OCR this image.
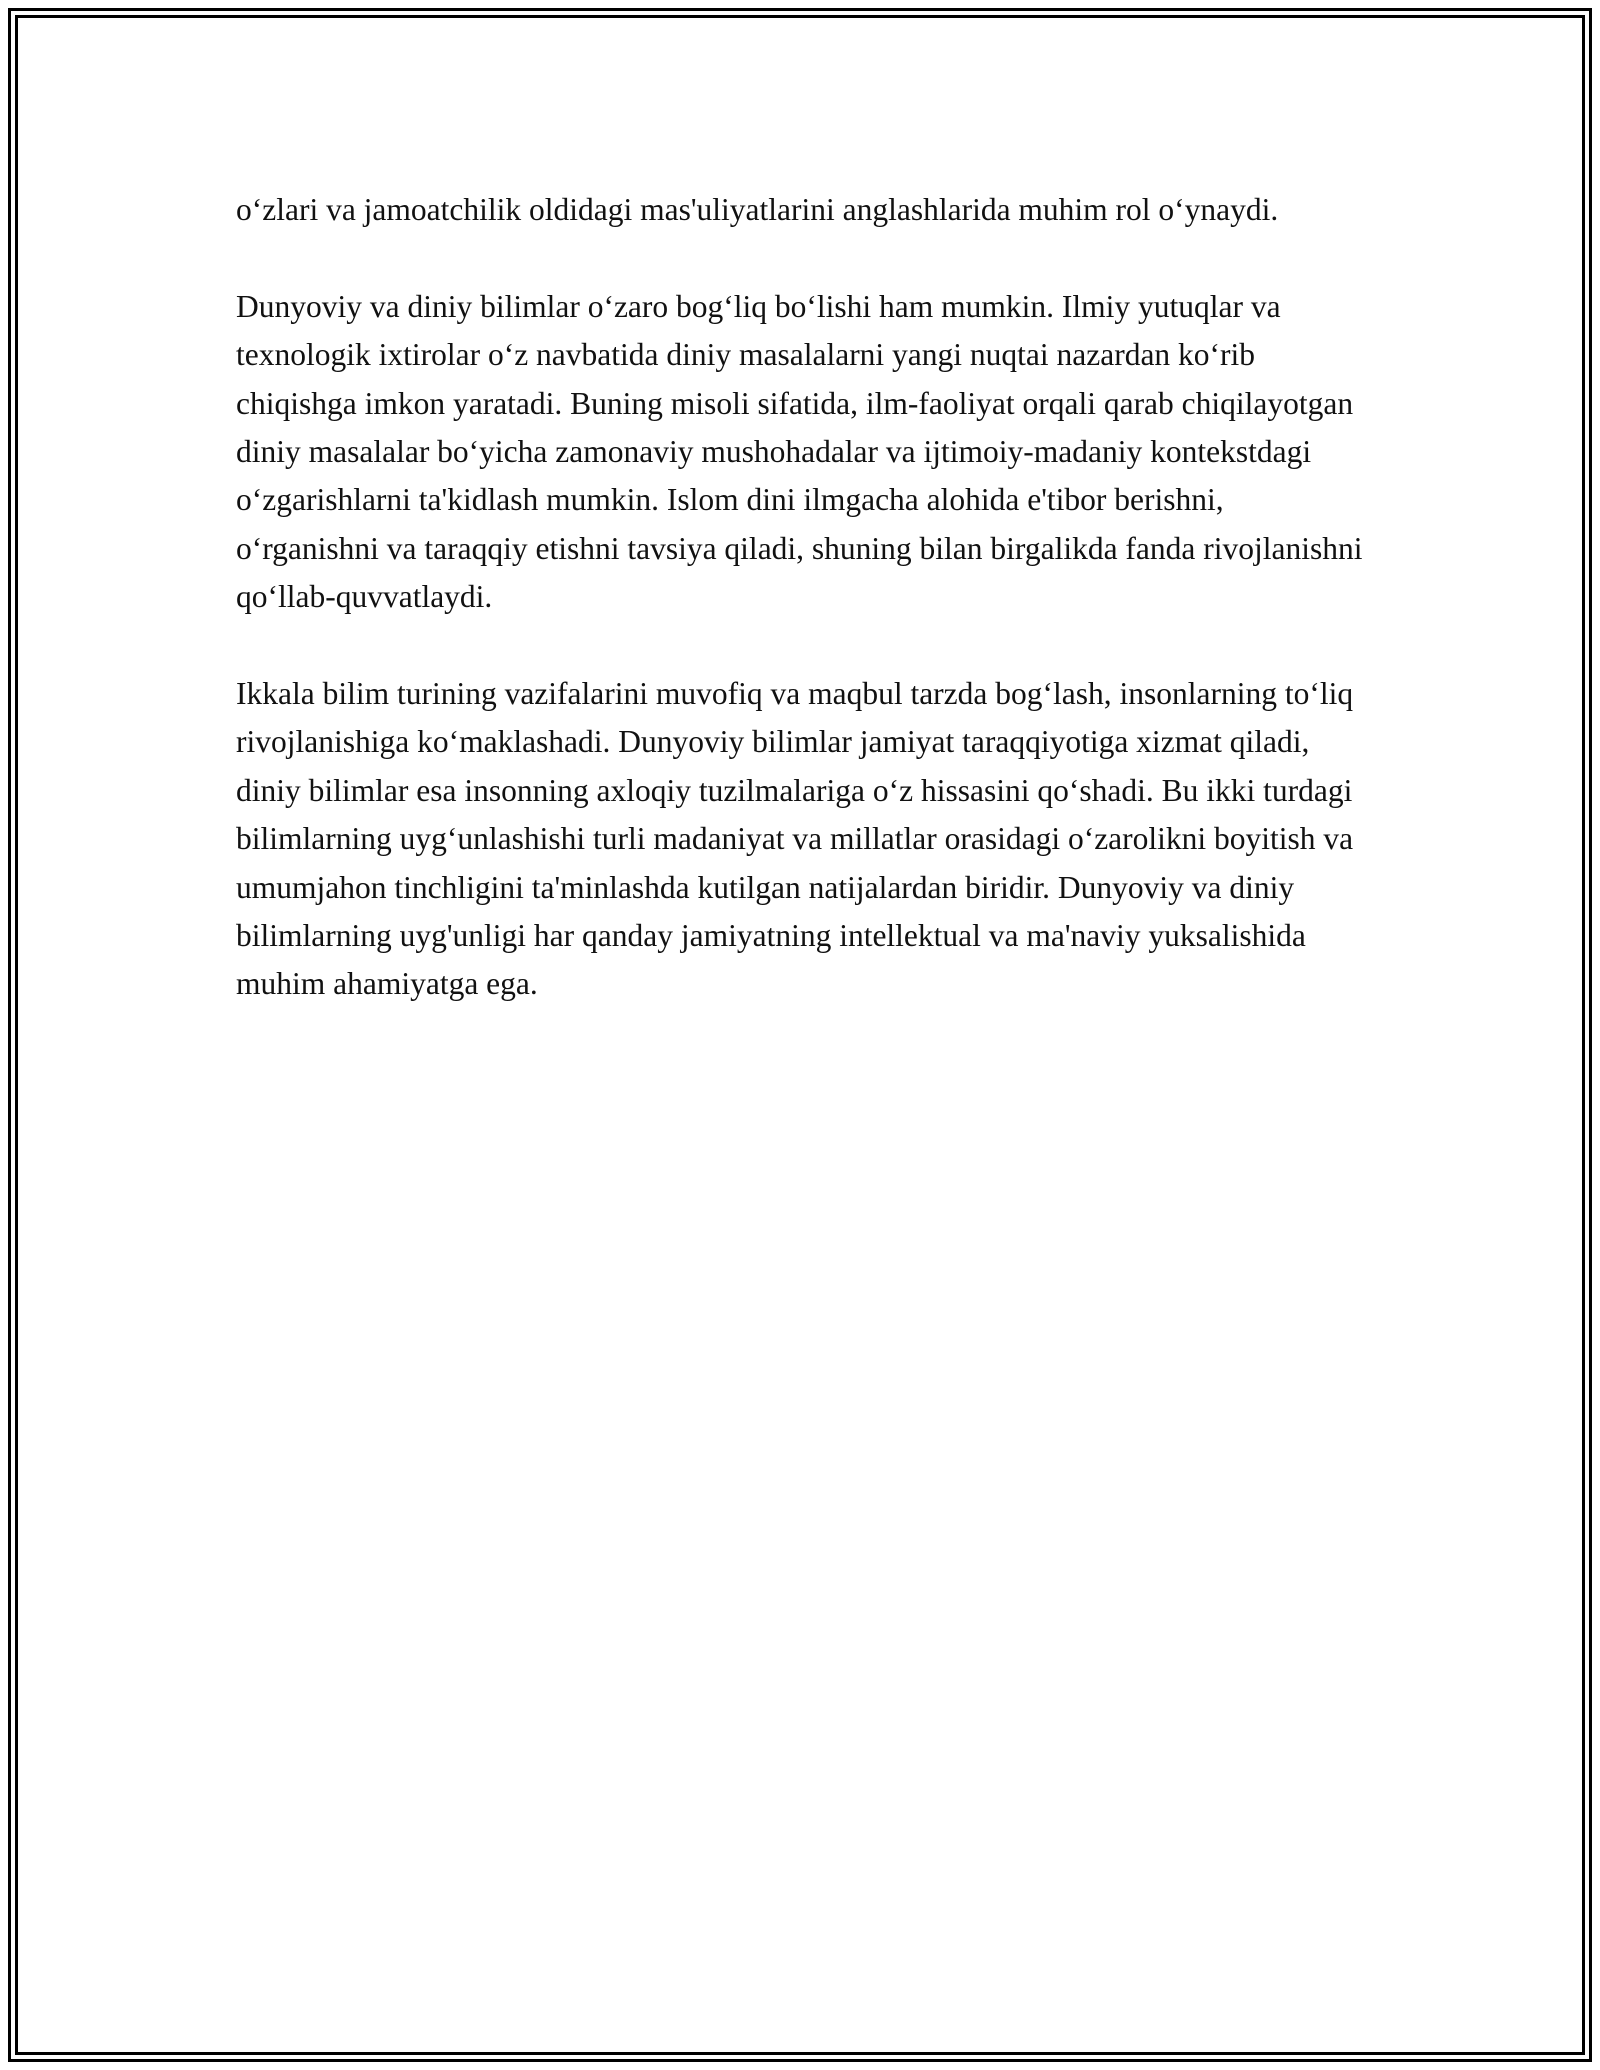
o‘zlari va jamoatchilik oldidagi mas'uliyatlarini anglashlarida muhim rol o‘ynaydi.

Dunyoviy va diniy bilimlar o‘zaro bog‘liq bo‘lishi ham mumkin. Ilmiy yutuqlar va texnologik ixtirolar o‘z navbatida diniy masalalarni yangi nuqtai nazardan ko‘rib chiqishga imkon yaratadi. Buning misoli sifatida, ilm-faoliyat orqali qarab chiqilayotgan diniy masalalar bo‘yicha zamonaviy mushohadalar va ijtimoiy-madaniy kontekstdagi o‘zgarishlarni ta'kidlash mumkin. Islom dini ilmgacha alohida e'tibor berishni, o‘rganishni va taraqqiy etishni tavsiya qiladi, shuning bilan birgalikda fanda rivojlanishni qo‘llab-quvvatlaydi.

Ikkala bilim turining vazifalarini muvofiq va maqbul tarzda bog‘lash, insonlarning to‘liq rivojlanishiga ko‘maklashadi. Dunyoviy bilimlar jamiyat taraqqiyotiga xizmat qiladi, diniy bilimlar esa insonning axloqiy tuzilmalariga o‘z hissasini qo‘shadi. Bu ikki turdagi bilimlarning uyg‘unlashishi turli madaniyat va millatlar orasidagi o‘zarolikni boyitish va umumjahon tinchligini ta'minlashda kutilgan natijalardan biridir. Dunyoviy va diniy bilimlarning uyg'unligi har qanday jamiyatning intellektual va ma'naviy yuksalishida muhim ahamiyatga ega.
